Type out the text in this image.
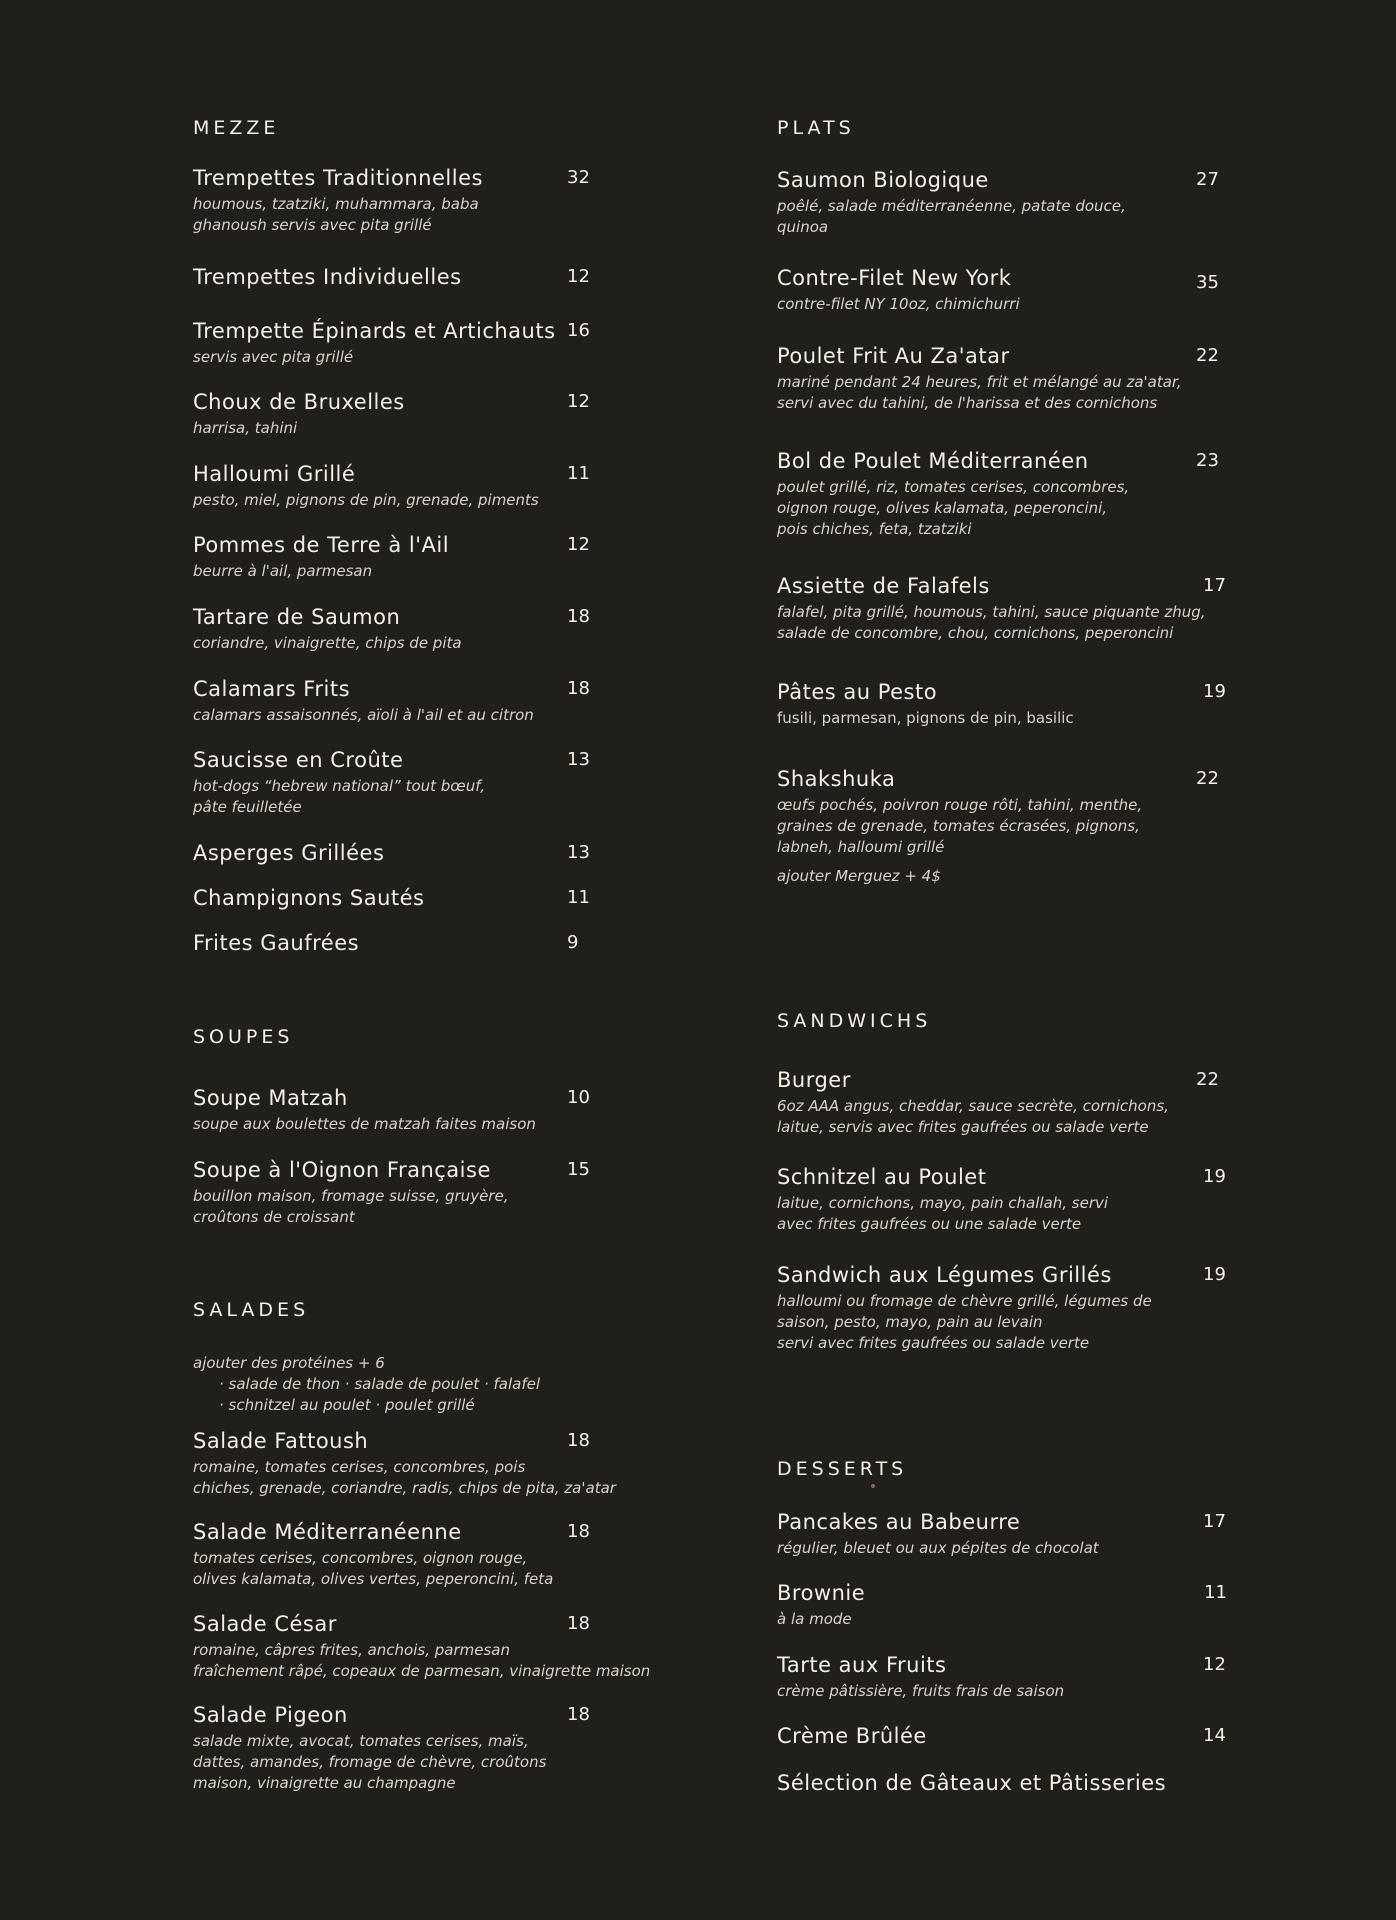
MEZZE
Trempettes Traditionnelles	32
houmous, tzatziki, muhammara, baba
ghanoush servis avec pita grillé
Trempettes Individuelles	12
Trempette Épinards et Artichauts 16
servis avec pita grillé
Choux de Bruxelles	12
harrisa, tahini
Halloumi Grillé	11
pesto, miel, pignons de pin, grenade, piments
Pommes de Terre à l'Ail	12
beurre à l'ail, parmesan
Tartare de Saumon	18
coriandre, vinaigrette, chips de pita
Calamars Frits	18
calamars assaisonnés, aïoli à l'ail et au citron
Saucisse en Croûte	13
hot-dogs “hebrew national” tout bœuf,
pâte feuilletée
Asperges Grillées	13
Champignons Sautés	11
Frites Gaufrées	9
SOUPES
Soupe Matzah	10
soupe aux boulettes de matzah faites maison
Soupe à l'Oignon Française	15
bouillon maison, fromage suisse, gruyère,
croûtons de croissant
SALADES
ajouter des protéines + 6
· salade de thon · salade de poulet · falafel
· schnitzel au poulet · poulet grillé
Salade Fattoush	18
romaine, tomates cerises, concombres, pois
chiches, grenade, coriandre, radis, chips de pita, za'atar
Salade Méditerranéenne	18
tomates cerises, concombres, oignon rouge,
olives kalamata, olives vertes, peperoncini, feta
Salade César	18
romaine, câpres frites, anchois, parmesan
fraîchement râpé, copeaux de parmesan, vinaigrette maison
Salade Pigeon	18
salade mixte, avocat, tomates cerises, maïs,
dattes, amandes, fromage de chèvre, croûtons
maison, vinaigrette au champagne
PLATS
Saumon Biologique	27
poêlé, salade méditerranéenne, patate douce,
quinoa
Contre-Filet New York	35
contre-filet NY 10oz, chimichurri
Poulet Frit Au Za'atar	22
mariné pendant 24 heures, frit et mélangé au za'atar,
servi avec du tahini, de l'harissa et des cornichons
Bol de Poulet Méditerranéen	23
poulet grillé, riz, tomates cerises, concombres,
oignon rouge, olives kalamata, peperoncini,
pois chiches, feta, tzatziki
Assiette de Falafels	17
falafel, pita grillé, houmous, tahini, sauce piquante zhug,
salade de concombre, chou, cornichons, peperoncini
Pâtes au Pesto	19
fusili, parmesan, pignons de pin, basilic
Shakshuka	22
œufs pochés, poivron rouge rôti, tahini, menthe,
graines de grenade, tomates écrasées, pignons,
labneh, halloumi grillé
ajouter Merguez + 4$
SANDWICHS
Burger	22
6oz AAA angus, cheddar, sauce secrète, cornichons,
laitue, servis avec frites gaufrées ou salade verte
Schnitzel au Poulet	19
laitue, cornichons, mayo, pain challah, servi
avec frites gaufrées ou une salade verte
Sandwich aux Légumes Grillés	19
halloumi ou fromage de chèvre grillé, légumes de
saison, pesto, mayo, pain au levain
servi avec frites gaufrées ou salade verte
DESSERTS
Pancakes au Babeurre	17
régulier, bleuet ou aux pépites de chocolat
Brownie	11
à la mode
Tarte aux Fruits	12
crème pâtissière, fruits frais de saison
Crème Brûlée	14
Sélection de Gâteaux et Pâtisseries
